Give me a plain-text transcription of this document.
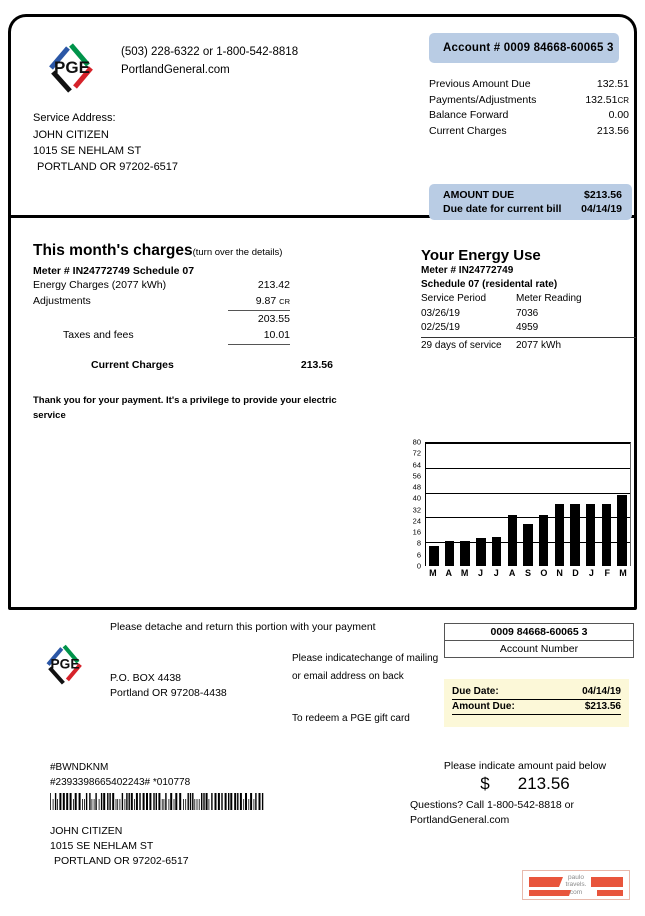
PGE
(503) 228-6322 or 1-800-542-8818
PortlandGeneral.com
Service Address:
JOHN CITIZEN
1015 SE NEHLAM ST
PORTLAND OR 97202-6517
Account # 0009 84668-60065 3
Previous Amount Due	132.51
Payments/Adjustments	132.51CR
Balance Forward	0.00
Current Charges	213.56
AMOUNT DUE	$213.56
Due date for current bill 04/14/19
This month's charges(turn over the details)
Meter # IN24772749 Schedule 07
Energy Charges (2077 kWh)	213.42
Adjustments	9.87 CR
203.55
Taxes and fees	10.01
Current Charges	213.56
Thank you for your payment. It's a privilege to provide your electric service
Your Energy Use
Meter # IN24772749
Schedule 07 (residental rate)
Service Period	Meter Reading
03/26/19	7036
02/25/19	4959
29 days of service	2077 kWh
80
72
64
56
48
40
32
24
16
8
6
0
M A M J J A S O N D J F M
Please detache and return this portion with your payment
PGE
P.O. BOX 4438
Portland OR 97208-4438
Please indicatechange of mailing or email address on back
To redeem a PGE gift card
0009 84668-60065 3
Account Number
Due Date:	04/14/19
Amount Due:	$213.56
#BWNDKNM
#2393398665402243# *010778
JOHN CITIZEN
1015 SE NEHLAM ST
PORTLAND OR 97202-6517
Please indicate amount paid below
$ 213.56
Questions? Call 1-800-542-8818 or PortlandGeneral.com
paulo
travels.
com
